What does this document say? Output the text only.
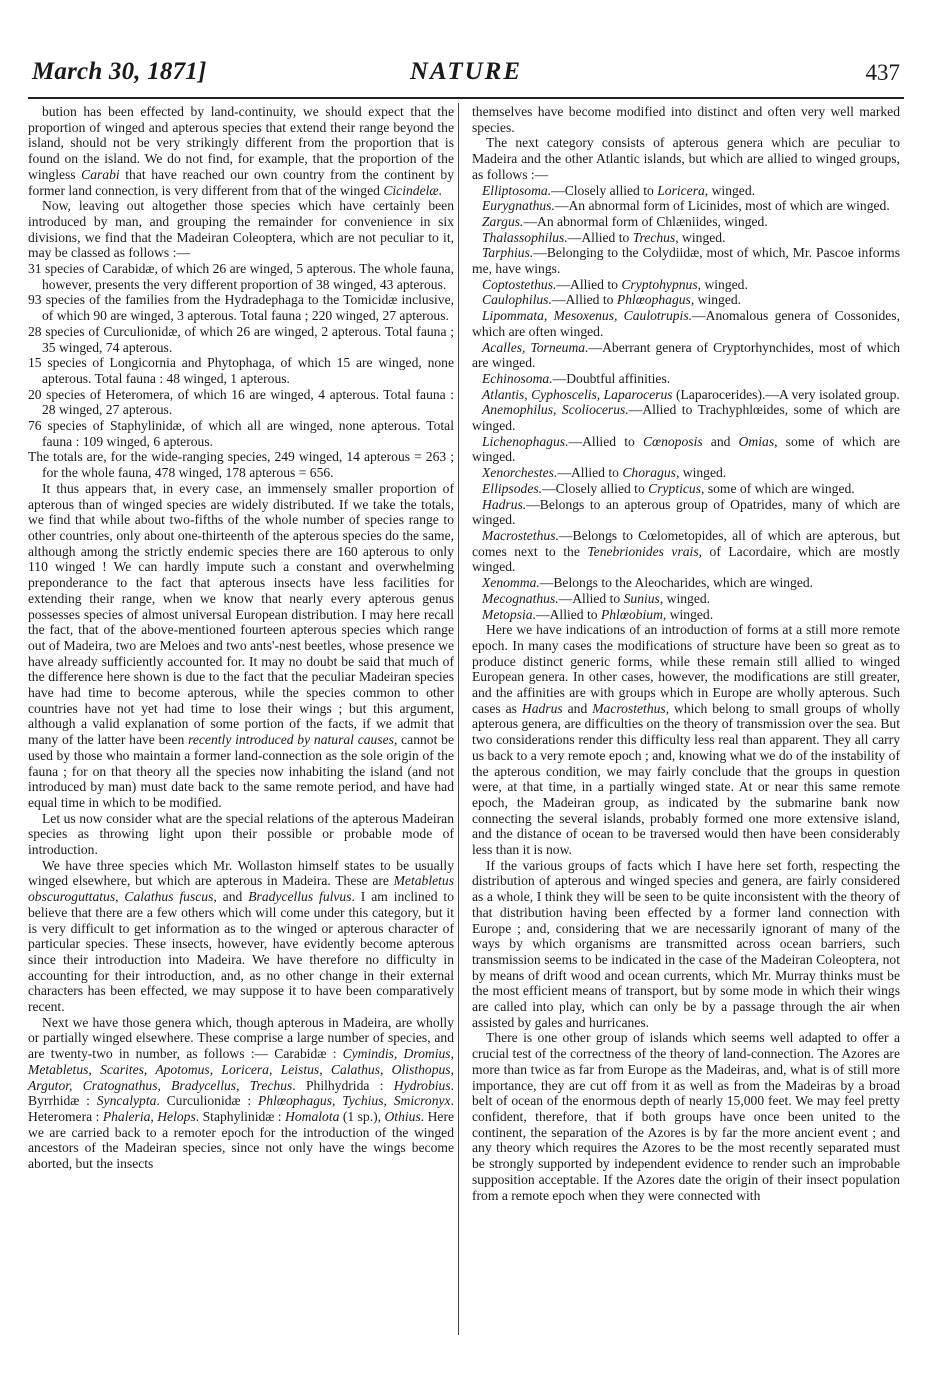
March 30, 1871]	NATURE	437

bution has been effected by land-continuity, we should expect that the proportion of winged and apterous species that extend their range beyond the island, should not be very strikingly different from the proportion that is found on the island. We do not find, for example, that the proportion of the wingless Carabi that have reached our own country from the continent by former land connection, is very different from that of the winged Cicindelæ.

Now, leaving out altogether those species which have certainly been introduced by man, and grouping the remainder for convenience in six divisions, we find that the Madeiran Coleoptera, which are not peculiar to it, may be classed as follows :—

31 species of Carabidæ, of which 26 are winged, 5 apterous. The whole fauna, however, presents the very different proportion of 38 winged, 43 apterous.

93 species of the families from the Hydradephaga to the Tomicidæ inclusive, of which 90 are winged, 3 apterous. Total fauna ; 220 winged, 27 apterous.

28 species of Curculionidæ, of which 26 are winged, 2 apterous. Total fauna ; 35 winged, 74 apterous.

15 species of Longicornia and Phytophaga, of which 15 are winged, none apterous. Total fauna : 48 winged, 1 apterous.

20 species of Heteromera, of which 16 are winged, 4 apterous. Total fauna : 28 winged, 27 apterous.

76 species of Staphylinidæ, of which all are winged, none apterous. Total fauna : 109 winged, 6 apterous.

The totals are, for the wide-ranging species, 249 winged, 14 apterous = 263 ; for the whole fauna, 478 winged, 178 apterous = 656.

It thus appears that, in every case, an immensely smaller proportion of apterous than of winged species are widely distributed. If we take the totals, we find that while about two-fifths of the whole number of species range to other countries, only about one-thirteenth of the apterous species do the same, although among the strictly endemic species there are 160 apterous to only 110 winged ! We can hardly impute such a constant and overwhelming preponderance to the fact that apterous insects have less facilities for extending their range, when we know that nearly every apterous genus possesses species of almost universal European distribution. I may here recall the fact, that of the above-mentioned fourteen apterous species which range out of Madeira, two are Meloes and two ants'-nest beetles, whose presence we have already sufficiently accounted for. It may no doubt be said that much of the difference here shown is due to the fact that the peculiar Madeiran species have had time to become apterous, while the species common to other countries have not yet had time to lose their wings ; but this argument, although a valid explanation of some portion of the facts, if we admit that many of the latter have been recently introduced by natural causes, cannot be used by those who maintain a former land-connection as the sole origin of the fauna ; for on that theory all the species now inhabiting the island (and not introduced by man) must date back to the same remote period, and have had equal time in which to be modified.

Let us now consider what are the special relations of the apterous Madeiran species as throwing light upon their possible or probable mode of introduction.

We have three species which Mr. Wollaston himself states to be usually winged elsewhere, but which are apterous in Madeira. These are Metabletus obscuroguttatus, Calathus fuscus, and Bradycellus fulvus. I am inclined to believe that there are a few others which will come under this category, but it is very difficult to get information as to the winged or apterous character of particular species. These insects, however, have evidently become apterous since their introduction into Madeira. We have therefore no difficulty in accounting for their introduction, and, as no other change in their external characters has been effected, we may suppose it to have been comparatively recent.

Next we have those genera which, though apterous in Madeira, are wholly or partially winged elsewhere. These comprise a large number of species, and are twenty-two in number, as follows :— Carabidæ : Cymindis, Dromius, Metabletus, Scarites, Apotomus, Loricera, Leistus, Calathus, Olisthopus, Argutor, Cratognathus, Bradycellus, Trechus. Philhydrida : Hydrobius. Byrrhidæ : Syncalypta. Curculionidæ : Phlœophagus, Tychius, Smicronyx. Heteromera : Phaleria, Helops. Staphylinidæ : Homalota (1 sp.), Othius. Here we are carried back to a remoter epoch for the introduction of the winged ancestors of the Madeiran species, since not only have the wings become aborted, but the insects

themselves have become modified into distinct and often very well marked species.

The next category consists of apterous genera which are peculiar to Madeira and the other Atlantic islands, but which are allied to winged groups, as follows :—

Elliptosoma.—Closely allied to Loricera, winged.

Eurygnathus.—An abnormal form of Licinides, most of which are winged.

Zargus.—An abnormal form of Chlæniides, winged.

Thalassophilus.—Allied to Trechus, winged.

Tarphius.—Belonging to the Colydiidæ, most of which, Mr. Pascoe informs me, have wings.

Coptostethus.—Allied to Cryptohypnus, winged.

Caulophilus.—Allied to Phlœophagus, winged.

Lipommata, Mesoxenus, Caulotrupis.—Anomalous genera of Cossonides, which are often winged.

Acalles, Torneuma.—Aberrant genera of Cryptorhynchides, most of which are winged.

Echinosoma.—Doubtful affinities.

Atlantis, Cyphoscelis, Laparocerus (Laparocerides).—A very isolated group.

Anemophilus, Scoliocerus.—Allied to Trachyphlœides, some of which are winged.

Lichenophagus.—Allied to Cœnoposis and Omias, some of which are winged.

Xenorchestes.—Allied to Choragus, winged.

Ellipsodes.—Closely allied to Crypticus, some of which are winged.

Hadrus.—Belongs to an apterous group of Opatrides, many of which are winged.

Macrostethus.—Belongs to Cœlometopides, all of which are apterous, but comes next to the Tenebrionides vrais, of Lacordaire, which are mostly winged.

Xenomma.—Belongs to the Aleocharides, which are winged.

Mecognathus.—Allied to Sunius, winged.

Metopsia.—Allied to Phlœobium, winged.

Here we have indications of an introduction of forms at a still more remote epoch. In many cases the modifications of structure have been so great as to produce distinct generic forms, while these remain still allied to winged European genera. In other cases, however, the modifications are still greater, and the affinities are with groups which in Europe are wholly apterous. Such cases as Hadrus and Macrostethus, which belong to small groups of wholly apterous genera, are difficulties on the theory of transmission over the sea. But two considerations render this difficulty less real than apparent. They all carry us back to a very remote epoch ; and, knowing what we do of the instability of the apterous condition, we may fairly conclude that the groups in question were, at that time, in a partially winged state. At or near this same remote epoch, the Madeiran group, as indicated by the submarine bank now connecting the several islands, probably formed one more extensive island, and the distance of ocean to be traversed would then have been considerably less than it is now.

If the various groups of facts which I have here set forth, respecting the distribution of apterous and winged species and genera, are fairly considered as a whole, I think they will be seen to be quite inconsistent with the theory of that distribution having been effected by a former land connection with Europe ; and, considering that we are necessarily ignorant of many of the ways by which organisms are transmitted across ocean barriers, such transmission seems to be indicated in the case of the Madeiran Coleoptera, not by means of drift wood and ocean currents, which Mr. Murray thinks must be the most efficient means of transport, but by some mode in which their wings are called into play, which can only be by a passage through the air when assisted by gales and hurricanes.

There is one other group of islands which seems well adapted to offer a crucial test of the correctness of the theory of land-connection. The Azores are more than twice as far from Europe as the Madeiras, and, what is of still more importance, they are cut off from it as well as from the Madeiras by a broad belt of ocean of the enormous depth of nearly 15,000 feet. We may feel pretty confident, therefore, that if both groups have once been united to the continent, the separation of the Azores is by far the more ancient event ; and any theory which requires the Azores to be the most recently separated must be strongly supported by independent evidence to render such an improbable supposition acceptable. If the Azores date the origin of their insect population from a remote epoch when they were connected with
